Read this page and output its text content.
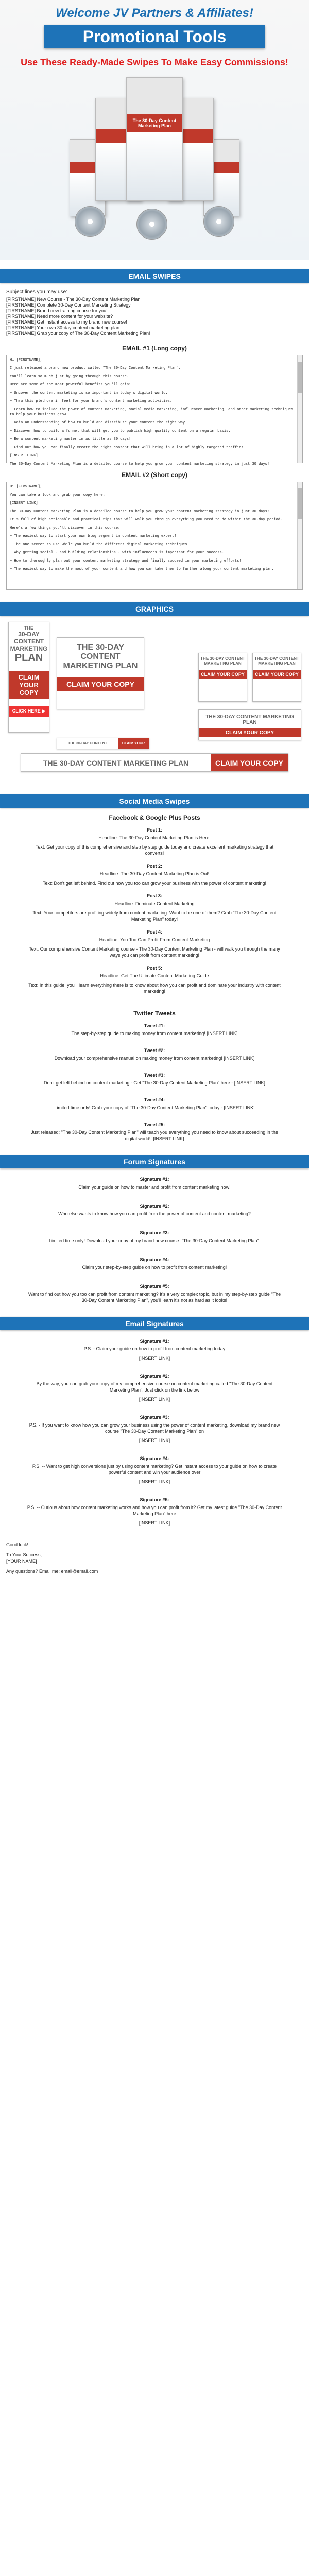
Welcome JV Partners & Affiliates!
Promotional Tools
Use These Ready-Made Swipes To Make Easy Commissions!
The 30-Day Content Marketing Plan
EMAIL SWIPES
Subject lines you may use:
[FIRSTNAME] New Course - The 30-Day Content Marketing Plan
[FIRSTNAME] Complete 30-Day Content Marketing Strategy
[FIRSTNAME] Brand new training course for you!
[FIRSTNAME] Need more content for your website?
[FIRSTNAME] Get instant access to my brand new course!
[FIRSTNAME] Your own 30-day content marketing plan
[FIRSTNAME] Grab your copy of The 30-Day Content Marketing Plan!
EMAIL #1 (Long copy)

Hi [FIRSTNAME],

I just released a brand new product called "The 30-Day Content Marketing Plan".

You'll learn so much just by going through this course.

Here are some of the most powerful benefits you'll gain:

~ Uncover the content marketing is so important in today's digital world.

~ Thru this plethora in feel for your brand's content marketing activities.

~ Learn how to include the power of content marketing, social media marketing, influencer marketing, and other marketing techniques to help your business grow.

~ Gain an understanding of how to build and distribute your content the right way.

~ Discover how to build a funnel that will get you to publish high quality content on a regular basis.

~ Be a content marketing master in as little as 30 days!

~ Find out how you can finally create the right content that will bring in a lot of highly targeted traffic!

[INSERT LINK]

The 30-Day Content Marketing Plan is a detailed course to help you grow your content marketing strategy in just 30 days!

EMAIL #2 (Short copy)

Hi [FIRSTNAME],

You can take a look and grab your copy here:

[INSERT LINK]

The 30-Day Content Marketing Plan is a detailed course to help you grow your content marketing strategy in just 30 days!

It's full of high actionable and practical tips that will walk you through everything you need to do within the 30-day period.

Here's a few things you'll discover in this course:

~ The easiest way to start your own blog segment in content marketing expert!

~ The one secret to use while you build the different digital marketing techniques.

~ Why getting social - and building relationships - with influencers is important for your success.

~ How to thoroughly plan out your content marketing strategy and finally succeed in your marketing efforts!

~ The easiest way to make the most of your content and how you can take them to further along your content marketing plan.

GRAPHICS
THE
30-DAY CONTENT
MARKETING
PLAN
CLAIM
YOUR
COPY
CLICK HERE ▶
THE 30-DAY CONTENT MARKETING PLAN
CLAIM YOUR COPY
THE 30-DAY CONTENT MARKETING PLAN
CLAIM YOUR COPY
THE 30-DAY CONTENT MARKETING PLAN
CLAIM YOUR COPY
THE 30-DAY CONTENT MARKETING PLAN
CLAIM YOUR COPY
THE 30-DAY CONTENT	CLAIM YOUR
THE 30-DAY CONTENT MARKETING PLAN	CLAIM YOUR COPY
Social Media Swipes
Facebook & Google Plus Posts
Post 1:
Headline: The 30-Day Content Marketing Plan is Here!
Text: Get your copy of this comprehensive and step by step guide today and create excellent marketing strategy that converts!
Post 2:
Headline: The 30-Day Content Marketing Plan is Out!
Text: Don't get left behind. Find out how you too can grow your business with the power of content marketing!
Post 3:
Headline: Dominate Content Marketing
Text: Your competitors are profiting widely from content marketing. Want to be one of them? Grab "The 30-Day Content Marketing Plan" today!
Post 4:
Headline: You Too Can Profit From Content Marketing
Text: Our comprehensive Content Marketing course - The 30-Day Content Marketing Plan - will walk you through the many ways you can profit from content marketing!
Post 5:
Headline: Get The Ultimate Content Marketing Guide
Text: In this guide, you'll learn everything there is to know about how you can profit and dominate your industry with content marketing!
Twitter Tweets
Tweet #1:
The step-by-step guide to making money from content marketing! [INSERT LINK]
Tweet #2:
Download your comprehensive manual on making money from content marketing! [INSERT LINK]
Tweet #3:
Don't get left behind on content marketing - Get "The 30-Day Content Marketing Plan" here - [INSERT LINK]
Tweet #4:
Limited time only! Grab your copy of "The 30-Day Content Marketing Plan" today - [INSERT LINK]
Tweet #5:
Just released: "The 30-Day Content Marketing Plan" will teach you everything you need to know about succeeding in the digital world!! [INSERT LINK]
Forum Signatures
Signature #1:
Claim your guide on how to master and profit from content marketing now!
Signature #2:
Who else wants to know how you can profit from the power of content and content marketing?
Signature #3:
Limited time only! Download your copy of my brand new course: "The 30-Day Content Marketing Plan".
Signature #4:
Claim your step-by-step guide on how to profit from content marketing!
Signature #5:
Want to find out how you too can profit from content marketing? It's a very complex topic, but in my step-by-step guide "The 30-Day Content Marketing Plan", you'll learn it's not as hard as it looks!
Email Signatures
Signature #1:
P.S. - Claim your guide on how to profit from content marketing today
[INSERT LINK]
Signature #2:
By the way, you can grab your copy of my comprehensive course on content marketing called "The 30-Day Content Marketing Plan". Just click on the link below
[INSERT LINK]
Signature #3:
P.S. - If you want to know how you can grow your business using the power of content marketing, download my brand new course "The 30-Day Content Marketing Plan" on
[INSERT LINK]
Signature #4:
P.S. -- Want to get high conversions just by using content marketing? Get instant access to your guide on how to create powerful content and win your audience over
[INSERT LINK]
Signature #5:
P.S. -- Curious about how content marketing works and how you can profit from it? Get my latest guide "The 30-Day Content Marketing Plan" here
[INSERT LINK]
Good luck!
To Your Success,
[YOUR NAME]
Any questions? Email me: email@email.com
